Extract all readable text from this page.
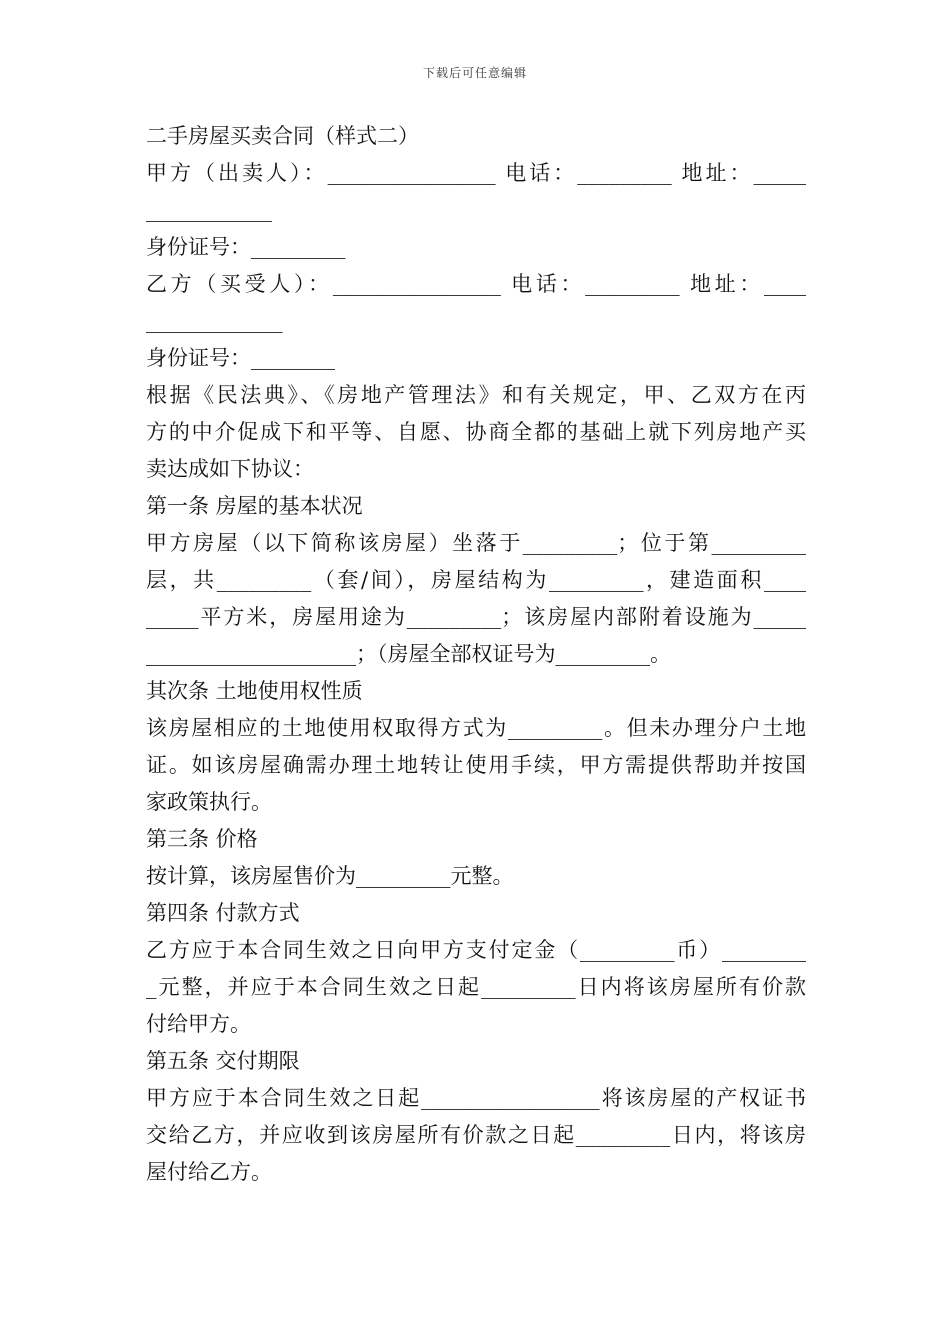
下载后可任意编辑
二手房屋买卖合同（样式二）
甲方（出卖人）：________________ 电话：_________ 地址：_____
____________
身份证号：_________
乙方（买受人）：________________ 电话：_________ 地址：____
_____________
身份证号：________
根据《民法典》、《房地产管理法》和有关规定，甲、乙双方在丙
方的中介促成下和平等、自愿、协商全都的基础上就下列房地产买
卖达成如下协议：
第一条 房屋的基本状况
甲方房屋（以下简称该房屋）坐落于_________；位于第_________
层，共_________（套/间），房屋结构为_________，建造面积____
_____平方米，房屋用途为_________；该房屋内部附着设施为_____
____________________；（房屋全部权证号为_________。
其次条 土地使用权性质
该房屋相应的土地使用权取得方式为_________。但未办理分户土地
证。如该房屋确需办理土地转让使用手续，甲方需提供帮助并按国
家政策执行。
第三条 价格
按计算，该房屋售价为_________元整。
第四条 付款方式
乙方应于本合同生效之日向甲方支付定金（_________币）________
_元整，并应于本合同生效之日起_________日内将该房屋所有价款
付给甲方。
第五条 交付期限
甲方应于本合同生效之日起_________________将该房屋的产权证书
交给乙方，并应收到该房屋所有价款之日起_________日内，将该房
屋付给乙方。
